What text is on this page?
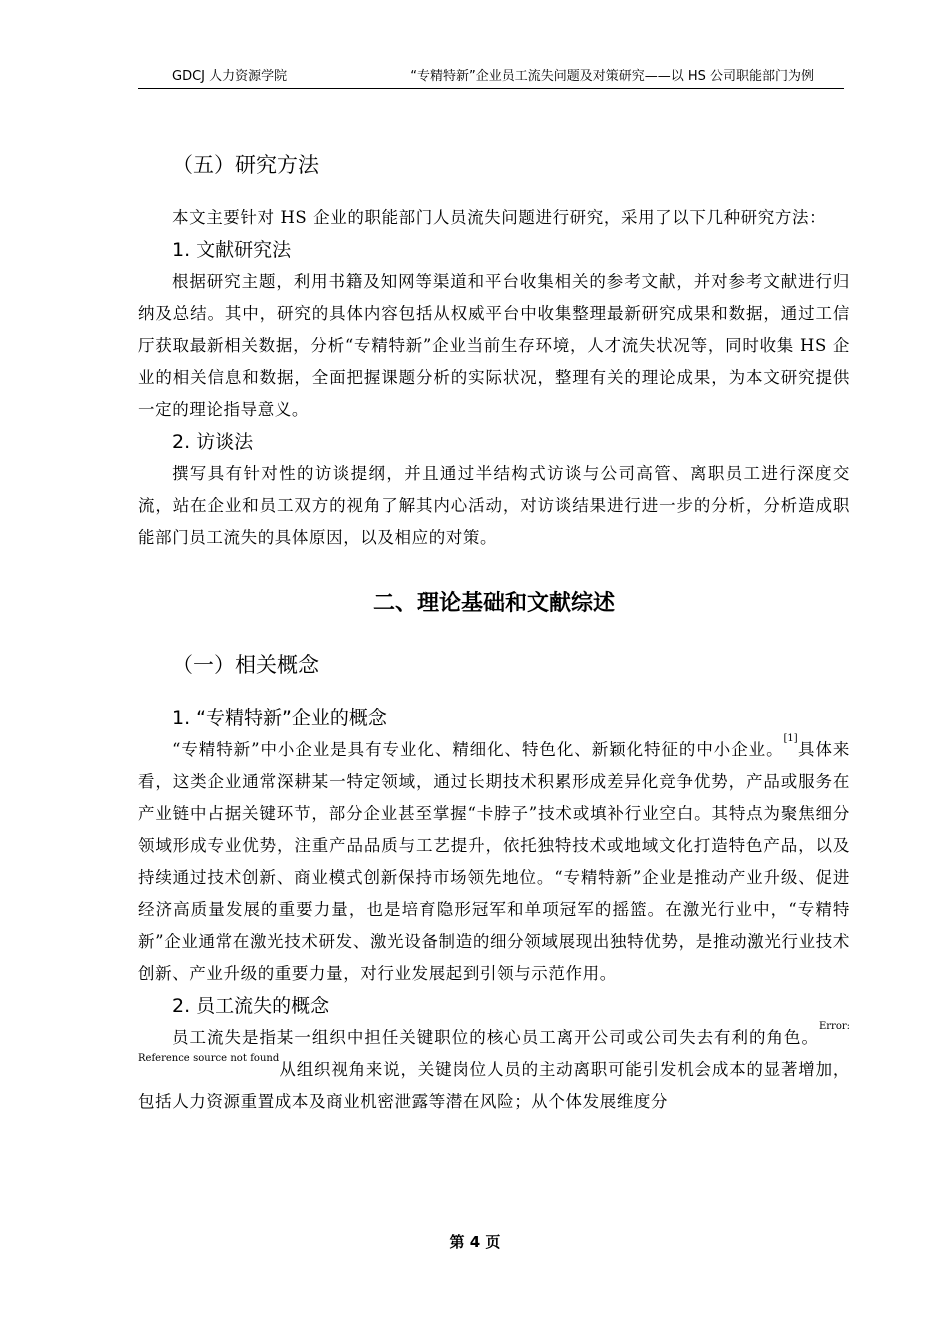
GDCJ 人力资源学院	“专精特新”企业员工流失问题及对策研究——以 HS 公司职能部门为例
（五）研究方法

本文主要针对 HS 企业的职能部门人员流失问题进行研究，采用了以下几种研究方法：

1. 文献研究法

根据研究主题，利用书籍及知网等渠道和平台收集相关的参考文献，并对参考文献进行归纳及总结。其中，研究的具体内容包括从权威平台中收集整理最新研究成果和数据，通过工信厅获取最新相关数据，分析“专精特新”企业当前生存环境，人才流失状况等，同时收集 HS 企业的相关信息和数据，全面把握课题分析的实际状况，整理有关的理论成果，为本文研究提供一定的理论指导意义。

2. 访谈法

撰写具有针对性的访谈提纲，并且通过半结构式访谈与公司高管、离职员工进行深度交流，站在企业和员工双方的视角了解其内心活动，对访谈结果进行进一步的分析，分析造成职能部门员工流失的具体原因，以及相应的对策。

二、理论基础和文献综述
（一）相关概念
1. “专精特新”企业的概念

“专精特新”中小企业是具有专业化、精细化、特色化、新颖化特征的中小企业。[1]具体来看，这类企业通常深耕某一特定领域，通过长期技术积累形成差异化竞争优势，产品或服务在产业链中占据关键环节，部分企业甚至掌握“卡脖子”技术或填补行业空白。其特点为聚焦细分领域形成专业优势，注重产品品质与工艺提升，依托独特技术或地域文化打造特色产品，以及持续通过技术创新、商业模式创新保持市场领先地位。“专精特新”企业是推动产业升级、促进经济高质量发展的重要力量，也是培育隐形冠军和单项冠军的摇篮。在激光行业中，“专精特新”企业通常在激光技术研发、激光设备制造的细分领域展现出独特优势，是推动激光行业技术创新、产业升级的重要力量，对行业发展起到引领与示范作用。

2. 员工流失的概念

员工流失是指某一组织中担任关键职位的核心员工离开公司或公司失去有利的角色。$^{Error: Reference source not found}$从组织视角来说，关键岗位人员的主动离职可能引发机会成本的显著增加，包括人力资源重置成本及商业机密泄露等潜在风险；从个体发展维度分

第 4 页
